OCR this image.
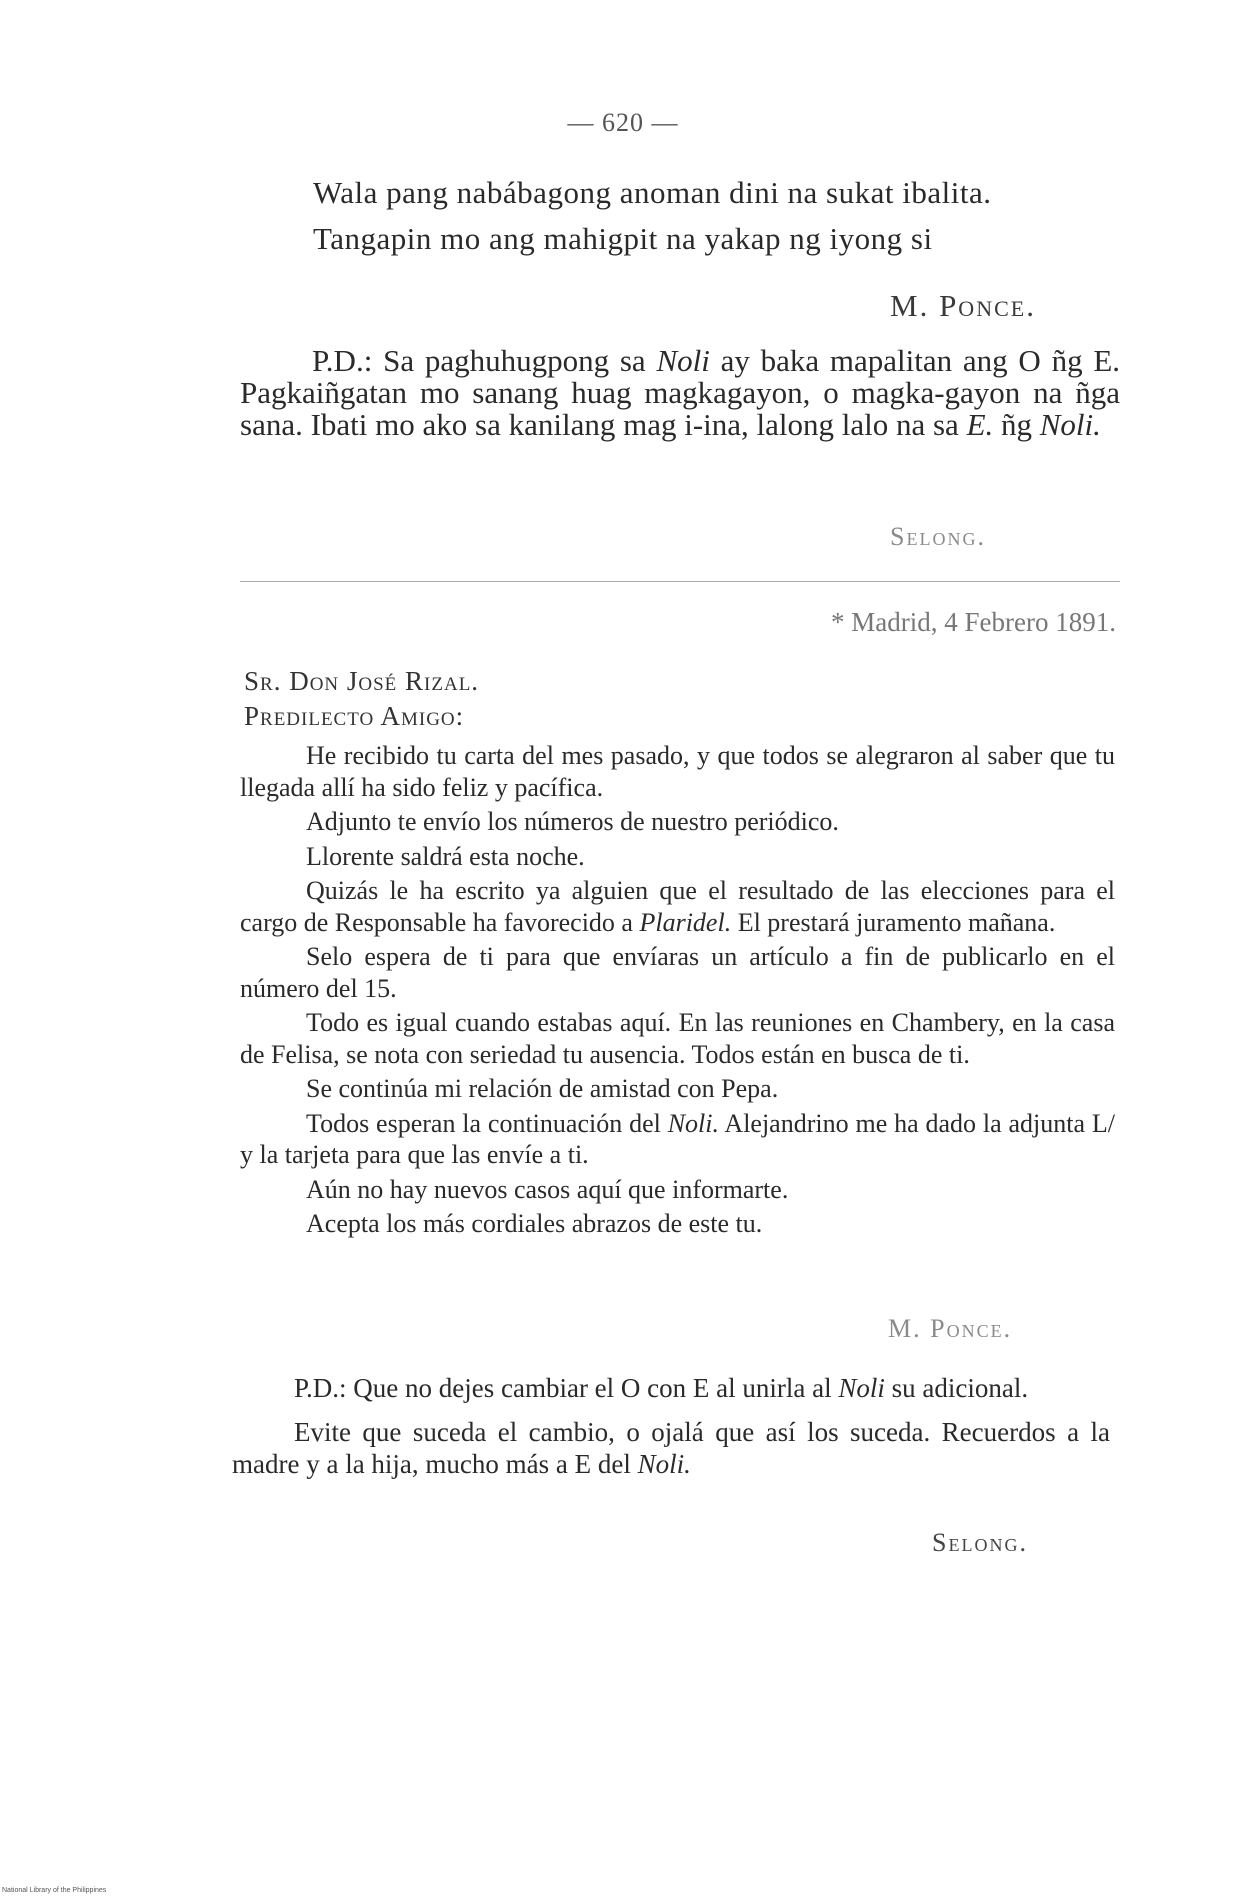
— 620 —

Wala pang nabábagong anoman dini na sukat ibalita.

Tangapin mo ang mahigpit na yakap ng iyong si

M. Ponce.

P.D.: Sa paghuhugpong sa Noli ay baka mapalitan ang O ñg E. Pagkaiñgatan mo sanang huag magkagayon, o magka-gayon na ñga sana. Ibati mo ako sa kanilang mag i-ina, lalong lalo na sa E. ñg Noli.

Selong.
* Madrid, 4 Febrero 1891.
Sr. Don José Rizal.
Predilecto Amigo:

He recibido tu carta del mes pasado, y que todos se alegraron al saber que tu llegada allí ha sido feliz y pacífica.

Adjunto te envío los números de nuestro periódico.

Llorente saldrá esta noche.

Quizás le ha escrito ya alguien que el resultado de las elecciones para el cargo de Responsable ha favorecido a Plaridel. El prestará juramento mañana.

Selo espera de ti para que envíaras un artículo a fin de publicarlo en el número del 15.

Todo es igual cuando estabas aquí. En las reuniones en Chambery, en la casa de Felisa, se nota con seriedad tu ausencia. Todos están en busca de ti.

Se continúa mi relación de amistad con Pepa.

Todos esperan la continuación del Noli. Alejandrino me ha dado la adjunta L/ y la tarjeta para que las envíe a ti.

Aún no hay nuevos casos aquí que informarte.

Acepta los más cordiales abrazos de este tu.

M. Ponce.

P.D.: Que no dejes cambiar el O con E al unirla al Noli su adicional.

Evite que suceda el cambio, o ojalá que así los suceda. Recuerdos a la madre y a la hija, mucho más a E del Noli.

Selong.
National Library of the Philippines
